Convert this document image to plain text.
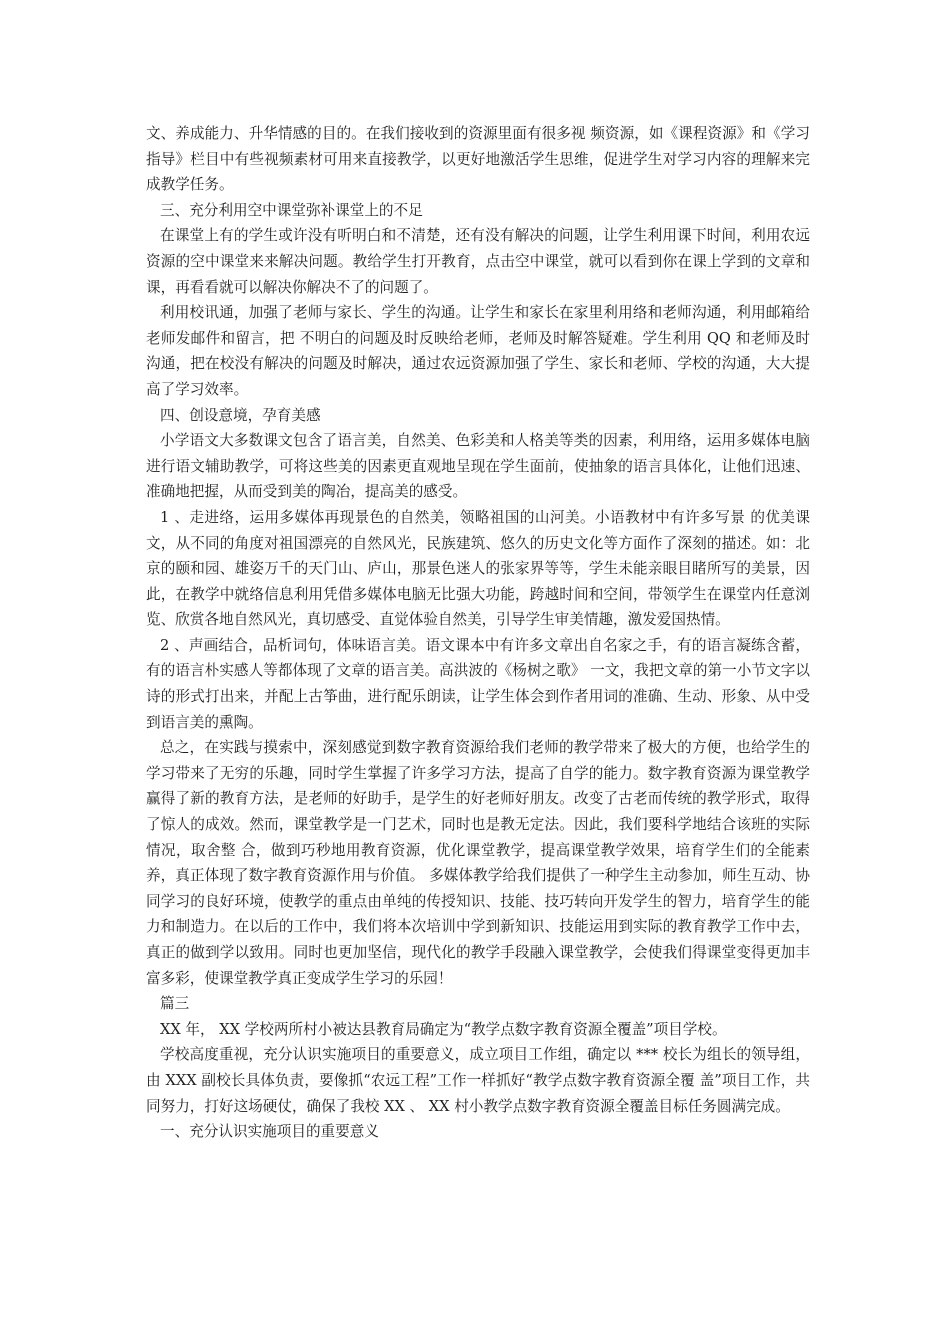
文、养成能力、升华情感的目的。在我们接收到的资源里面有很多视 频资源，如《课程资源》和《学习指导》栏目中有些视频素材可用来直接教学，以更好地激活学生思维，促进学生对学习内容的理解来完成教学任务。

三、充分利用空中课堂弥补课堂上的不足

在课堂上有的学生或许没有听明白和不清楚，还有没有解决的问题，让学生利用课下时间，利用农远资源的空中课堂来来解决问题。教给学生打开教育，点击空中课堂，就可以看到你在课上学到的文章和课，再看看就可以解决你解决不了的问题了。

利用校讯通，加强了老师与家长、学生的沟通。让学生和家长在家里利用络和老师沟通，利用邮箱给老师发邮件和留言，把 不明白的问题及时反映给老师，老师及时解答疑难。学生利用 QQ 和老师及时沟通，把在校没有解决的问题及时解决，通过农远资源加强了学生、家长和老师、学校的沟通，大大提高了学习效率。

四、创设意境，孕育美感

小学语文大多数课文包含了语言美，自然美、色彩美和人格美等类的因素，利用络，运用多媒体电脑进行语文辅助教学，可将这些美的因素更直观地呈现在学生面前，使抽象的语言具体化，让他们迅速、准确地把握，从而受到美的陶冶，提高美的感受。

1 、走进络，运用多媒体再现景色的自然美，领略祖国的山河美。小语教材中有许多写景 的优美课文，从不同的角度对祖国漂亮的自然风光，民族建筑、悠久的历史文化等方面作了深刻的描述。如：北京的颐和园、雄姿万千的天门山、庐山，那景色迷人的张家界等等，学生未能亲眼目睹所写的美景，因此，在教学中就络信息利用凭借多媒体电脑无比强大功能，跨越时间和空间，带领学生在课堂内任意浏览、欣赏各地自然风光，真切感受、直觉体验自然美，引导学生审美情趣，激发爱国热情。

2 、声画结合，品析词句，体味语言美。语文课本中有许多文章出自名家之手，有的语言凝练含蓄，有的语言朴实感人等都体现了文章的语言美。高洪波的《杨树之歌》 一文，我把文章的第一小节文字以诗的形式打出来，并配上古筝曲，进行配乐朗读，让学生体会到作者用词的准确、生动、形象、从中受到语言美的熏陶。

总之，在实践与摸索中，深刻感觉到数字教育资源给我们老师的教学带来了极大的方便，也给学生的学习带来了无穷的乐趣，同时学生掌握了许多学习方法，提高了自学的能力。数字教育资源为课堂教学赢得了新的教育方法，是老师的好助手，是学生的好老师好朋友。改变了古老而传统的教学形式，取得了惊人的成效。然而，课堂教学是一门艺术，同时也是教无定法。因此，我们要科学地结合该班的实际情况，取舍整 合，做到巧秒地用教育资源，优化课堂教学，提高课堂教学效果，培育学生们的全能素养，真正体现了数字教育资源作用与价值。 多媒体教学给我们提供了一种学生主动参加，师生互动、协同学习的良好环境，使教学的重点由单纯的传授知识、技能、技巧转向开发学生的智力，培育学生的能力和制造力。在以后的工作中，我们将本次培训中学到新知识、技能运用到实际的教育教学工作中去，真正的做到学以致用。同时也更加坚信，现代化的教学手段融入课堂教学，会使我们得课堂变得更加丰富多彩，使课堂教学真正变成学生学习的乐园！

篇三

XX 年， XX 学校两所村小被达县教育局确定为“教学点数字教育资源全覆盖”项目学校。

学校高度重视，充分认识实施项目的重要意义，成立项目工作组，确定以 *** 校长为组长的领导组，由 XXX 副校长具体负责，要像抓“农远工程”工作一样抓好“教学点数字教育资源全覆 盖”项目工作，共同努力，打好这场硬仗，确保了我校 XX 、 XX 村小教学点数字教育资源全覆盖目标任务圆满完成。

一、充分认识实施项目的重要意义
